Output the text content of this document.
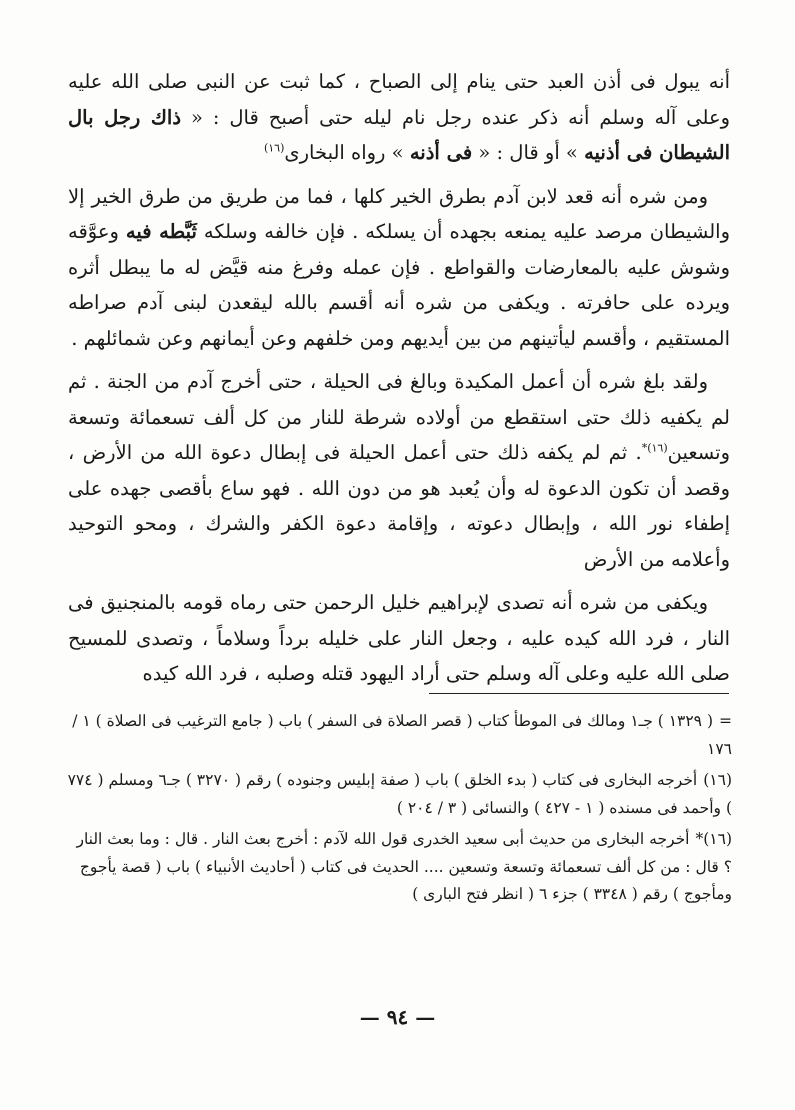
أنه يبول فى أذن العبد حتى ينام إلى الصباح ، كما ثبت عن النبى صلى الله عليه وعلى آله وسلم أنه ذكر عنده رجل نام ليله حتى أصبح قال : « ذاك رجل بال الشيطان فى أذنيه » أو قال : « فى أذنه » رواه البخارى$^{(١٦)}$

ومن شره أنه قعد لابن آدم بطرق الخير كلها ، فما من طريق من طرق الخير إلا والشيطان مرصد عليه يمنعه بجهده أن يسلكه . فإن خالفه وسلكه ثَبَّطه فيه وعوَّقه وشوش عليه بالمعارضات والقواطع . فإن عمله وفرغ منه قيَّض له ما يبطل أثره ويرده على حافرته . ويكفى من شره أنه أقسم بالله ليقعدن لبنى آدم صراطه المستقيم ، وأقسم ليأتينهم من بين أيديهم ومن خلفهم وعن أيمانهم وعن شمائلهم .

ولقد بلغ شره أن أعمل المكيدة وبالغ فى الحيلة ، حتى أخرج آدم من الجنة . ثم لم يكفيه ذلك حتى استقطع من أولاده شرطة للنار من كل ألف تسعمائة وتسعة وتسعين$^{(١٦)*}$. ثم لم يكفه ذلك حتى أعمل الحيلة فى إبطال دعوة الله من الأرض ، وقصد أن تكون الدعوة له وأن يُعبد هو من دون الله . فهو ساع بأقصى جهده على إطفاء نور الله ، وإبطال دعوته ، وإقامة دعوة الكفر والشرك ، ومحو التوحيد وأعلامه من الأرض

ويكفى من شره أنه تصدى لإبراهيم خليل الرحمن حتى رماه قومه بالمنجنيق فى النار ، فرد الله كيده عليه ، وجعل النار على خليله برداً وسلاماً ، وتصدى للمسيح صلى الله عليه وعلى آله وسلم حتى أراد اليهود قتله وصلبه ، فرد الله كيده

=( ١٣٢٩ ) جـ١ ومالك فى الموطأ كتاب ( قصر الصلاة فى السفر ) باب ( جامع الترغيب فى الصلاة ) ١ / ١٧٦

(١٦)أخرجه البخارى فى كتاب ( بدء الخلق ) باب ( صفة إبليس وجنوده ) رقم ( ٣٢٧٠ ) جـ٦ ومسلم ( ٧٧٤ ) وأحمد فى مسنده ( ١ - ٤٢٧ ) والنسائى ( ٣ / ٢٠٤ )

(١٦)*أخرجه البخارى من حديث أبى سعيد الخدرى قول الله لآدم : أخرج بعث النار . قال : وما بعث النار ؟ قال : من كل ألف تسعمائة وتسعة وتسعين .... الحديث فى كتاب ( أحاديث الأنبياء ) باب ( قصة يأجوج ومأجوج ) رقم ( ٣٣٤٨ ) جزء ٦ ( انظر فتح البارى )

— ٩٤ —
